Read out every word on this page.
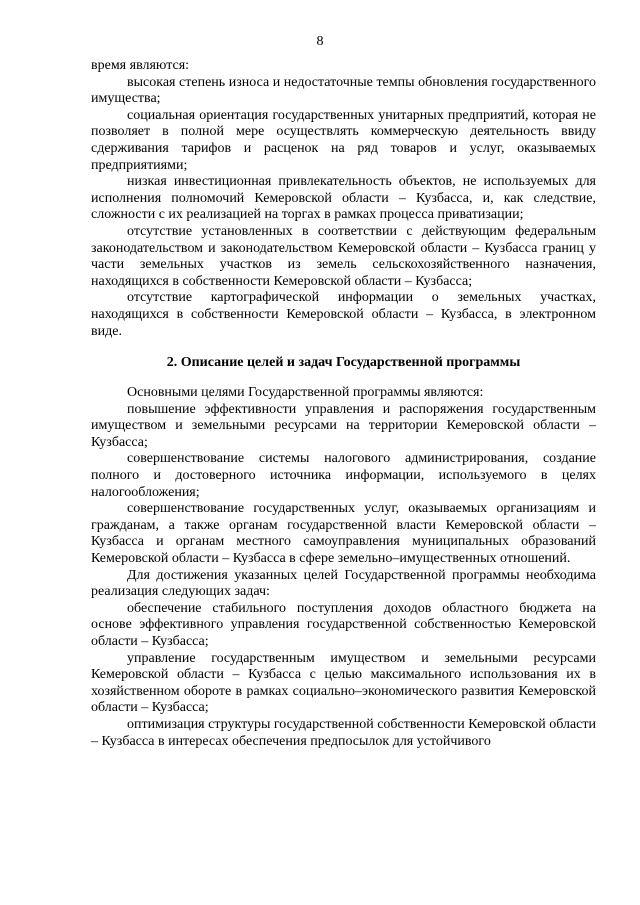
8

время являются:

высокая степень износа и недостаточные темпы обновления государственного имущества;

социальная ориентация государственных унитарных предприятий, которая не позволяет в полной мере осуществлять коммерческую деятельность ввиду сдерживания тарифов и расценок на ряд товаров и услуг, оказываемых предприятиями;

низкая инвестиционная привлекательность объектов, не используемых для исполнения полномочий Кемеровской области – Кузбасса, и, как следствие, сложности с их реализацией на торгах в рамках процесса приватизации;

отсутствие установленных в соответствии с действующим федеральным законодательством и законодательством Кемеровской области – Кузбасса границ у части земельных участков из земель сельскохозяйственного назначения, находящихся в собственности Кемеровской области – Кузбасса;

отсутствие картографической информации о земельных участках, находящихся в собственности Кемеровской области – Кузбасса, в электронном виде.

2. Описание целей и задач Государственной программы

Основными целями Государственной программы являются:

повышение эффективности управления и распоряжения государственным имуществом и земельными ресурсами на территории Кемеровской области – Кузбасса;

совершенствование системы налогового администрирования, создание полного и достоверного источника информации, используемого в целях налогообложения;

совершенствование государственных услуг, оказываемых организациям и гражданам, а также органам государственной власти Кемеровской области – Кузбасса и органам местного самоуправления муниципальных образований Кемеровской области – Кузбасса в сфере земельно–имущественных отношений.

Для достижения указанных целей Государственной программы необходима реализация следующих задач:

обеспечение стабильного поступления доходов областного бюджета на основе эффективного управления государственной собственностью Кемеровской области – Кузбасса;

управление государственным имуществом и земельными ресурсами Кемеровской области – Кузбасса с целью максимального использования их в хозяйственном обороте в рамках социально–экономического развития Кемеровской области – Кузбасса;

оптимизация структуры государственной собственности Кемеровской области – Кузбасса в интересах обеспечения предпосылок для устойчивого
